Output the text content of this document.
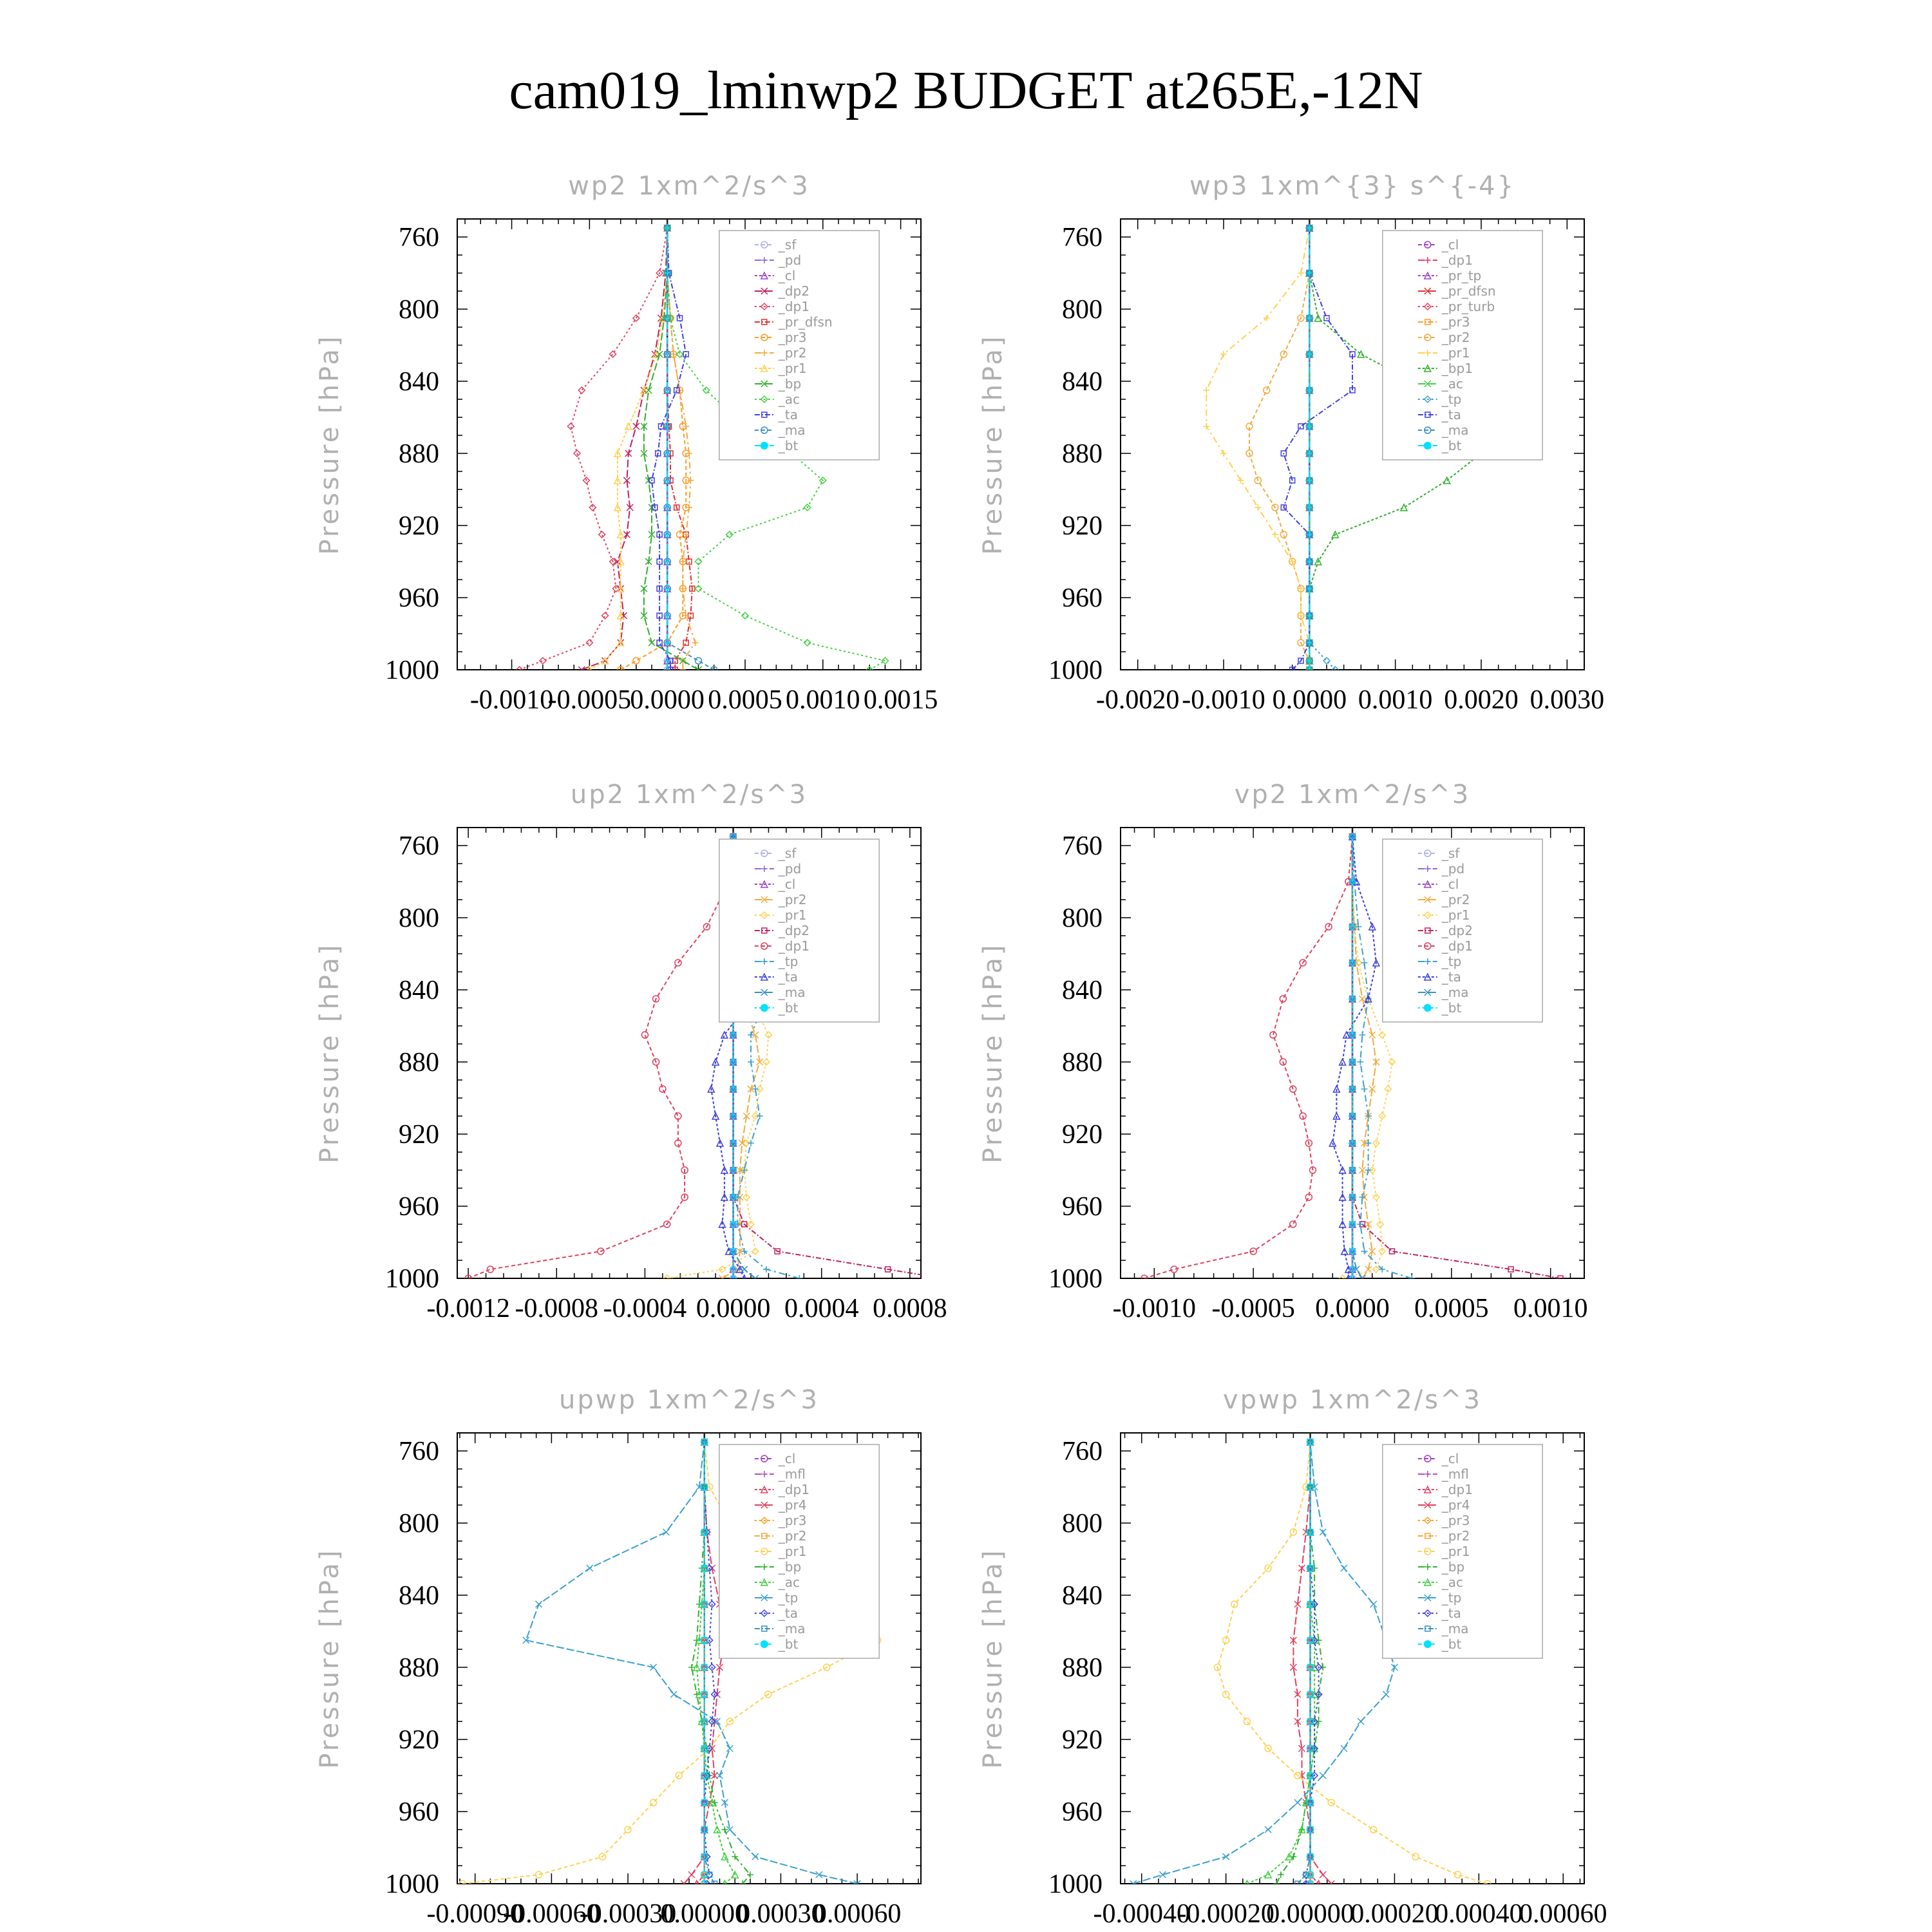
cam019_lminwp2 BUDGET at265E,-12N
wp2 1xm^2/s^3
Pressure [hPa]
760
800
840
880
920
960
1000
-0.0010
-0.0005
0.0000 0.0005 0.0010 0.0015
_sf
_pd
_cl
_dp2
_dp1
_pr_dfsn
_pr3
_pr2
_pr1
_bp
_ac
_ta
_ma
_bt
wp3 1xm^{3} s^{-4}
Pressure [hPa]
760
800
840
880
920
960
1000
-0.0020 -0.0010 0.0000 0.0010 0.0020 0.0030
_cl
_dp1
_pr_tp
_pr_dfsn
_pr_turb
_pr3
_pr2
_pr1
_bp1
_ac
_tp
_ta
_ma
_bt
up2 1xm^2/s^3
Pressure [hPa]
760
800
840
880
920
960
1000
-0.0012 -0.0008 -0.0004 0.0000 0.0004 0.0008
_sf
_pd
_cl
_pr2
_pr1
_dp2
_dp1
_tp
_ta
_ma
_bt
vp2 1xm^2/s^3
Pressure [hPa]
760
800
840
880
920
960
1000
-0.0010 -0.0005 0.0000 0.0005 0.0010
_sf
_pd
_cl
_pr2
_pr1
_dp2
_dp1
_tp
_ta
_ma
_bt
upwp 1xm^2/s^3
Pressure [hPa]
760
800
840
880
920
960
1000
-0.00090
-0.00060
-0.00030
0.00000
0.00030
0.00060
_cl
_mfl
_dp1
_pr4
_pr3
_pr2
_pr1
_bp
_ac
_tp
_ta
_ma
_bt
vpwp 1xm^2/s^3
Pressure [hPa]
760
800
840
880
920
960
1000
-0.00040
-0.00020
0.00000
0.00020
0.00040
0.00060
_cl
_mfl
_dp1
_pr4
_pr3
_pr2
_pr1
_bp
_ac
_tp
_ta
_ma
_bt
